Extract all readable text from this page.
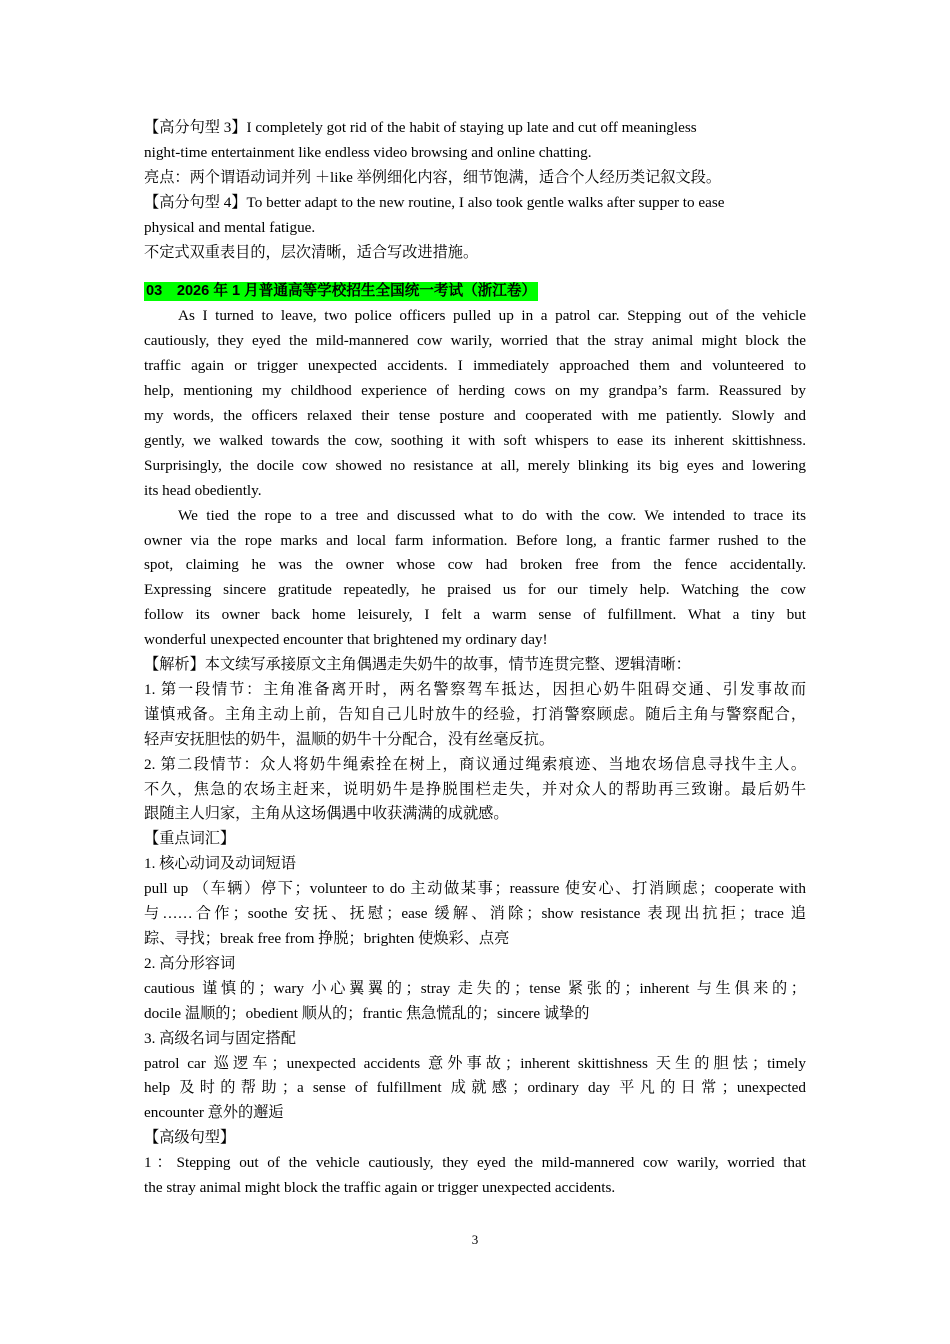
【高分句型 3】I completely got rid of the habit of staying up late and cut off meaningless

night-time entertainment like endless video browsing and online chatting.

亮点：两个谓语动词并列 ＋like 举例细化内容，细节饱满，适合个人经历类记叙文段。

【高分句型 4】To better adapt to the new routine, I also took gentle walks after supper to ease

physical and mental fatigue.

不定式双重表目的，层次清晰，适合写改进措施。

03　2026 年 1 月普通高等学校招生全国统一考试（浙江卷）

As I turned to leave, two police officers pulled up in a patrol car. Stepping out of the vehicle

cautiously, they eyed the mild-mannered cow warily, worried that the stray animal might block the

traffic again or trigger unexpected accidents. I immediately approached them and volunteered to

help, mentioning my childhood experience of herding cows on my grandpa’s farm. Reassured by

my words, the officers relaxed their tense posture and cooperated with me patiently. Slowly and

gently, we walked towards the cow, soothing it with soft whispers to ease its inherent skittishness.

Surprisingly, the docile cow showed no resistance at all, merely blinking its big eyes and lowering

its head obediently.

We tied the rope to a tree and discussed what to do with the cow. We intended to trace its

owner via the rope marks and local farm information. Before long, a frantic farmer rushed to the

spot, claiming he was the owner whose cow had broken free from the fence accidentally.

Expressing sincere gratitude repeatedly, he praised us for our timely help. Watching the cow

follow its owner back home leisurely, I felt a warm sense of fulfillment. What a tiny but

wonderful unexpected encounter that brightened my ordinary day!

【解析】本文续写承接原文主角偶遇走失奶牛的故事，情节连贯完整、逻辑清晰：

1. 第一段情节：主角准备离开时，两名警察驾车抵达，因担心奶牛阻碍交通、引发事故而

谨慎戒备。主角主动上前，告知自己儿时放牛的经验，打消警察顾虑。随后主角与警察配合，

轻声安抚胆怯的奶牛，温顺的奶牛十分配合，没有丝毫反抗。

2. 第二段情节：众人将奶牛绳索拴在树上，商议通过绳索痕迹、当地农场信息寻找牛主人。

不久，焦急的农场主赶来，说明奶牛是挣脱围栏走失，并对众人的帮助再三致谢。最后奶牛

跟随主人归家，主角从这场偶遇中收获满满的成就感。

【重点词汇】

1. 核心动词及动词短语

pull up （车辆）停下；volunteer to do 主动做某事；reassure 使安心、打消顾虑；cooperate with

与……合作；soothe 安抚、抚慰；ease 缓解、消除；show resistance 表现出抗拒；trace 追

踪、寻找；break free from 挣脱；brighten 使焕彩、点亮

2. 高分形容词

cautious 谨慎的；wary 小心翼翼的；stray 走失的；tense 紧张的；inherent 与生俱来的；

docile 温顺的；obedient 顺从的；frantic 焦急慌乱的；sincere 诚挚的

3. 高级名词与固定搭配

patrol car 巡逻车；unexpected accidents 意外事故；inherent skittishness 天生的胆怯；timely

help 及时的帮助；a sense of fulfillment 成就感；ordinary day 平凡的日常；unexpected

encounter 意外的邂逅

【高级句型】

1：Stepping out of the vehicle cautiously, they eyed the mild-mannered cow warily, worried that

the stray animal might block the traffic again or trigger unexpected accidents.

3
